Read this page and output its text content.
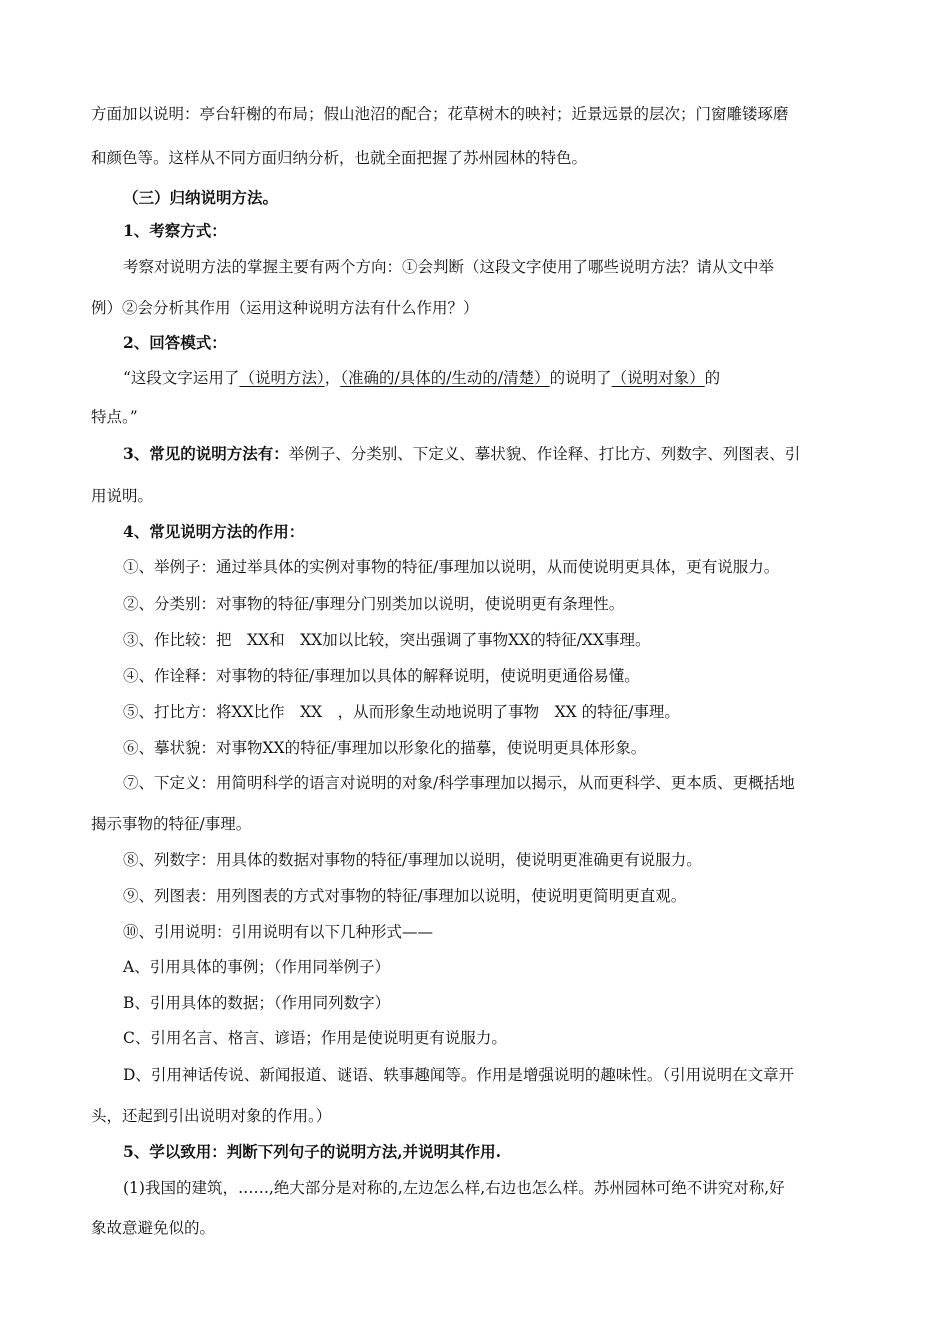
方面加以说明：亭台轩榭的布局；假山池沼的配合；花草树木的映衬；近景远景的层次；门窗雕镂琢磨
和颜色等。这样从不同方面归纳分析，也就全面把握了苏州园林的特色。
（三）归纳说明方法。
1、考察方式：
考察对说明方法的掌握主要有两个方向：①会判断（这段文字使用了哪些说明方法？请从文中举
例）②会分析其作用（运用这种说明方法有什么作用？）
2、回答模式：
“这段文字运用了（说明方法），（准确的/具体的/生动的/清楚）的说明了（说明对象）的
特点。”
3、常见的说明方法有：举例子、分类别、下定义、摹状貌、作诠释、打比方、列数字、列图表、引
用说明。
4、常见说明方法的作用：
①、举例子：通过举具体的实例对事物的特征/事理加以说明，从而使说明更具体，更有说服力。
②、分类别：对事物的特征/事理分门别类加以说明，使说明更有条理性。
③、作比较：把　XX和　XX加以比较，突出强调了事物XX的特征/XX事理。
④、作诠释：对事物的特征/事理加以具体的解释说明，使说明更通俗易懂。
⑤、打比方：将XX比作　XX　，从而形象生动地说明了事物　XX 的特征/事理。
⑥、摹状貌：对事物XX的特征/事理加以形象化的描摹，使说明更具体形象。
⑦、下定义：用简明科学的语言对说明的对象/科学事理加以揭示，从而更科学、更本质、更概括地
揭示事物的特征/事理。
⑧、列数字：用具体的数据对事物的特征/事理加以说明，使说明更准确更有说服力。
⑨、列图表：用列图表的方式对事物的特征/事理加以说明，使说明更简明更直观。
⑩、引用说明：引用说明有以下几种形式——
A、引用具体的事例；（作用同举例子）
B、引用具体的数据；（作用同列数字）
C、引用名言、格言、谚语；作用是使说明更有说服力。
D、引用神话传说、新闻报道、谜语、轶事趣闻等。作用是增强说明的趣味性。（引用说明在文章开
头，还起到引出说明对象的作用。）
5、学以致用：判断下列句子的说明方法,并说明其作用.
(1)我国的建筑，……,绝大部分是对称的,左边怎么样,右边也怎么样。苏州园林可绝不讲究对称,好
象故意避免似的。
